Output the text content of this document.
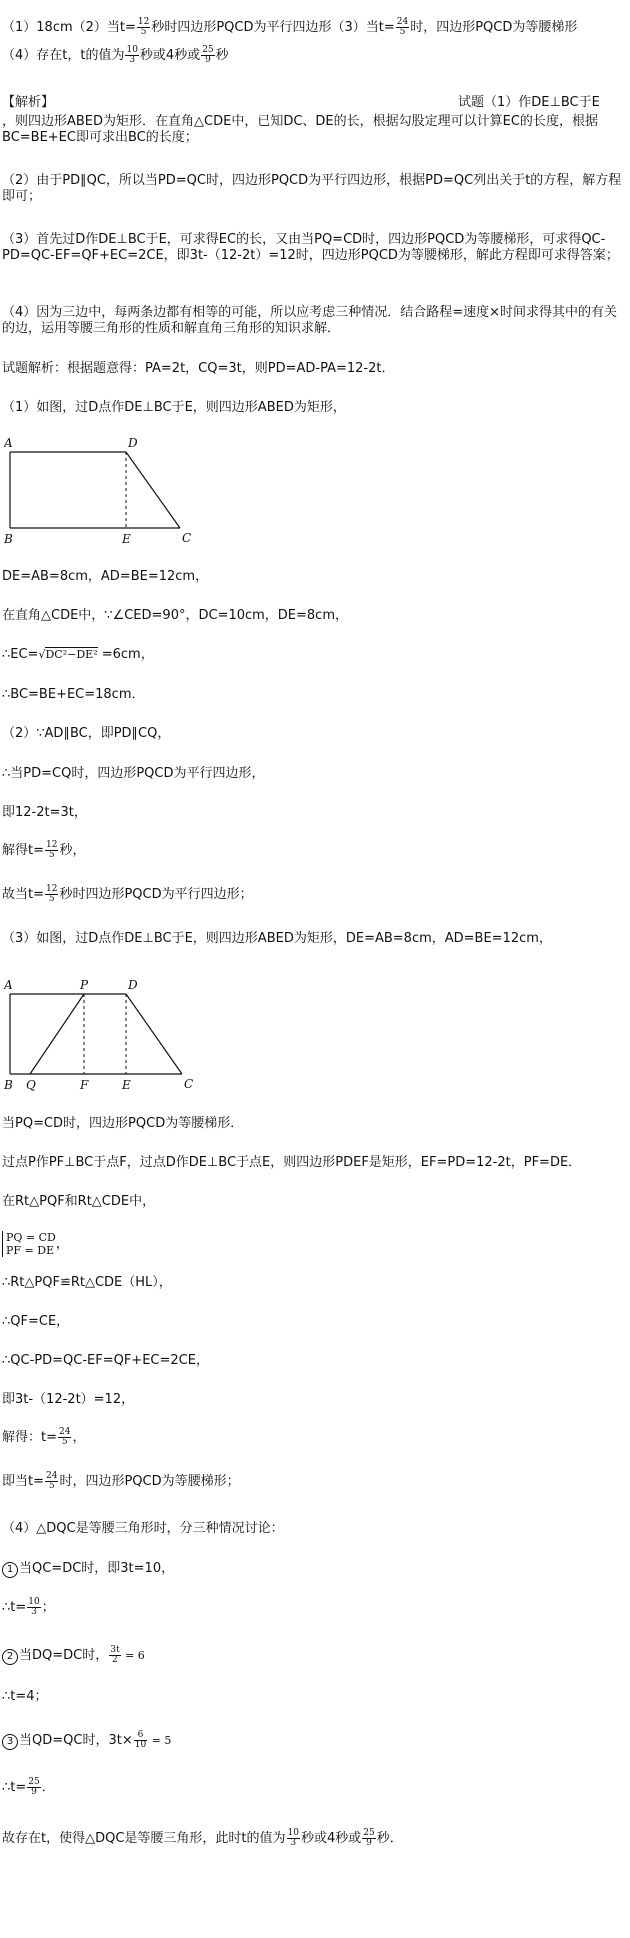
（1）18cm（2）当$t= \frac{12}{5}$ 秒时四边形PQCD为平行四边形（3）当$t= \frac{24}{5}$ 时，四边形PQCD为等腰梯形
（4）存在t，t的值为 $\frac{10}{3}$ 秒或4秒或 $\frac{25}{9}$ 秒
【解析】	试题（1）作DE⊥BC于E
，则四边形ABED为矩形．在直角△CDE中，已知DC、DE的长，根据勾股定理可以计算EC的长度，根据BC=BE+EC即可求出BC的长度；
（2）由于PD∥QC，所以当PD=QC时，四边形PQCD为平行四边形，根据PD=QC列出关于t的方程，解方程即可；
（3）首先过D作DE⊥BC于E，可求得EC的长，又由当PQ=CD时，四边形PQCD为等腰梯形，可求得QC-PD=QC-EF=QF+EC=2CE，即3t-（12-2t）=12时，四边形PQCD为等腰梯形，解此方程即可求得答案；
（4）因为三边中，每两条边都有相等的可能，所以应考虑三种情况．结合路程=速度×时间求得其中的有关的边，运用等腰三角形的性质和解直角三角形的知识求解．
试题解析：根据题意得：PA=2t，CQ=3t，则PD=AD-PA=12-2t．
（1）如图，过D点作DE⊥BC于E，则四边形ABED为矩形，
A	D
B	E	C
DE=AB=8cm，AD=BE=12cm，
在直角△CDE中，∵∠CED=90°，DC=10cm，DE=8cm，
∴EC=√DC²−DE² =6cm，
∴BC=BE+EC=18cm．
（2）∵AD∥BC，即PD∥CQ，
∴当PD=CQ时，四边形PQCD为平行四边形，
即12-2t=3t，
解得$t= \frac{12}{5}$ 秒，
故当$t= \frac{12}{5}$ 秒时四边形PQCD为平行四边形；
（3）如图，过D点作DE⊥BC于E，则四边形ABED为矩形，DE=AB=8cm，AD=BE=12cm，
A	P	D
B Q	F	E	C
当PQ=CD时，四边形PQCD为等腰梯形．
过点P作PF⊥BC于点F，过点D作DE⊥BC于点E，则四边形PDEF是矩形，EF=PD=12-2t，PF=DE．
在Rt△PQF和Rt△CDE中，
PQ = CD
PF = DE ，
∴Rt△PQF≌Rt△CDE（HL），
∴QF=CE，
∴QC-PD=QC-EF=QF+EC=2CE，
即3t-（12-2t）=12，
解得：$t= \frac{24}{5}$ ，
即当$t= \frac{24}{5}$ 时，四边形PQCD为等腰梯形；
（4）△DQC是等腰三角形时，分三种情况讨论：
1 当QC=DC时，即3t=10，
∴t= $\frac{10}{3}$ ；
2 当DQ=DC时， $\frac{3t}{2} = 6$
∴t=4；
3 当QD=QC时，$3t\times \frac{6}{10} = 5$
∴t= $\frac{25}{9}$ ．
故存在t，使得△DQC是等腰三角形，此时t的值为 $\frac{10}{3}$ 秒或4秒或 $\frac{25}{9}$ 秒．
